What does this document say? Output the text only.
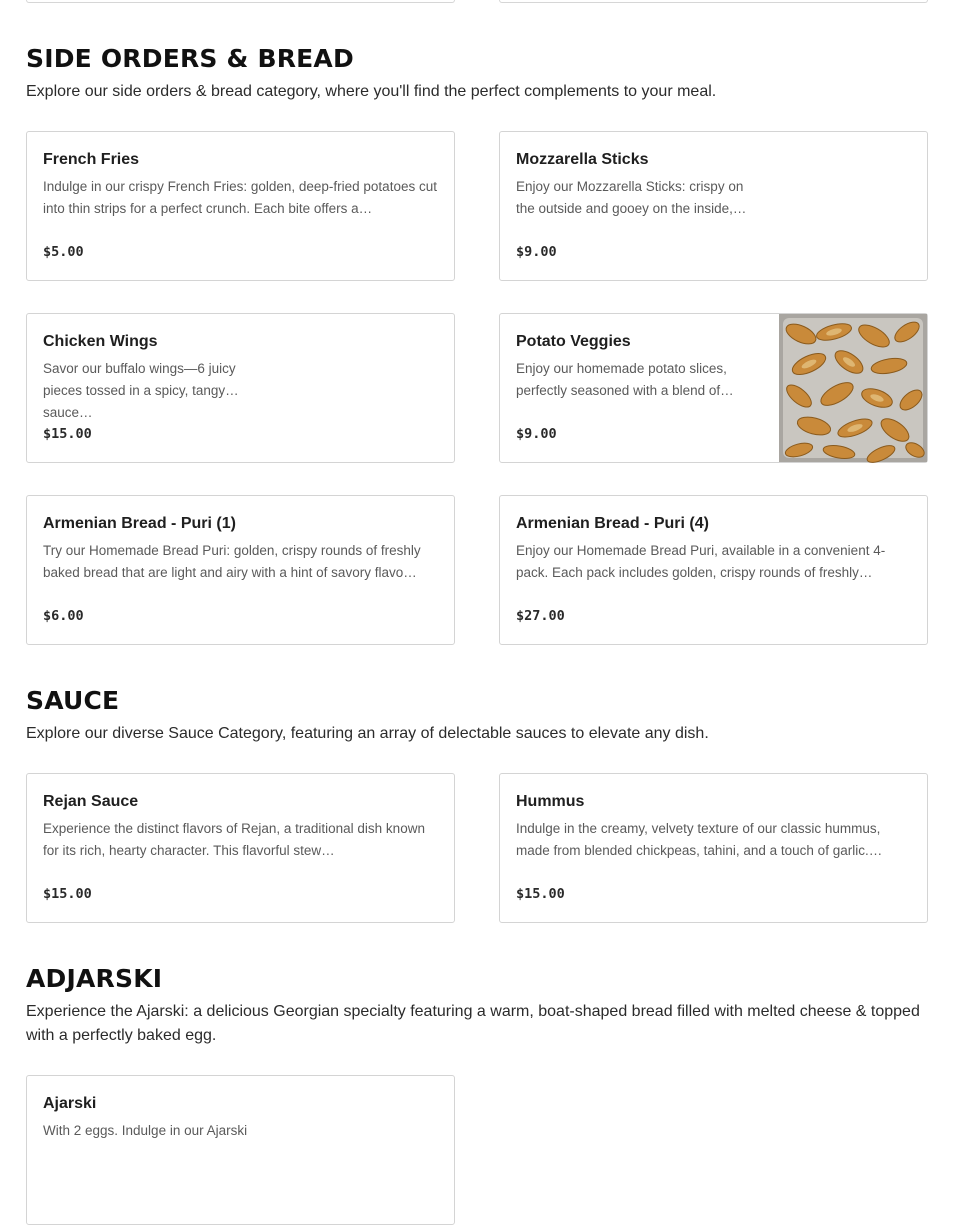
SIDE ORDERS & BREAD

Explore our side orders & bread category, where you'll find the perfect complements to your meal.

French Fries
Indulge in our crispy French Fries: golden, deep-fried potatoes cut into thin strips for a perfect crunch. Each bite offers a…
$5.00
Mozzarella Sticks
Enjoy our Mozzarella Sticks: crispy on the outside and gooey on the inside,…
$9.00
Chicken Wings
Savor our buffalo wings—6 juicy pieces tossed in a spicy, tangy sauce…
$15.00
Potato Veggies
Enjoy our homemade potato slices, perfectly seasoned with a blend of…
$9.00
Armenian Bread - Puri (1)
Try our Homemade Bread Puri: golden, crispy rounds of freshly baked bread that are light and airy with a hint of savory flavo…
$6.00
Armenian Bread - Puri (4)
Enjoy our Homemade Bread Puri, available in a convenient 4-pack. Each pack includes golden, crispy rounds of freshly…
$27.00
SAUCE

Explore our diverse Sauce Category, featuring an array of delectable sauces to elevate any dish.

Rejan Sauce
Experience the distinct flavors of Rejan, a traditional dish known for its rich, hearty character. This flavorful stew…
$15.00
Hummus
Indulge in the creamy, velvety texture of our classic hummus, made from blended chickpeas, tahini, and a touch of garlic.…
$15.00
ADJARSKI

Experience the Ajarski: a delicious Georgian specialty featuring a warm, boat-shaped bread filled with melted cheese & topped with a perfectly baked egg.

Ajarski
With 2 eggs. Indulge in our Ajarski
